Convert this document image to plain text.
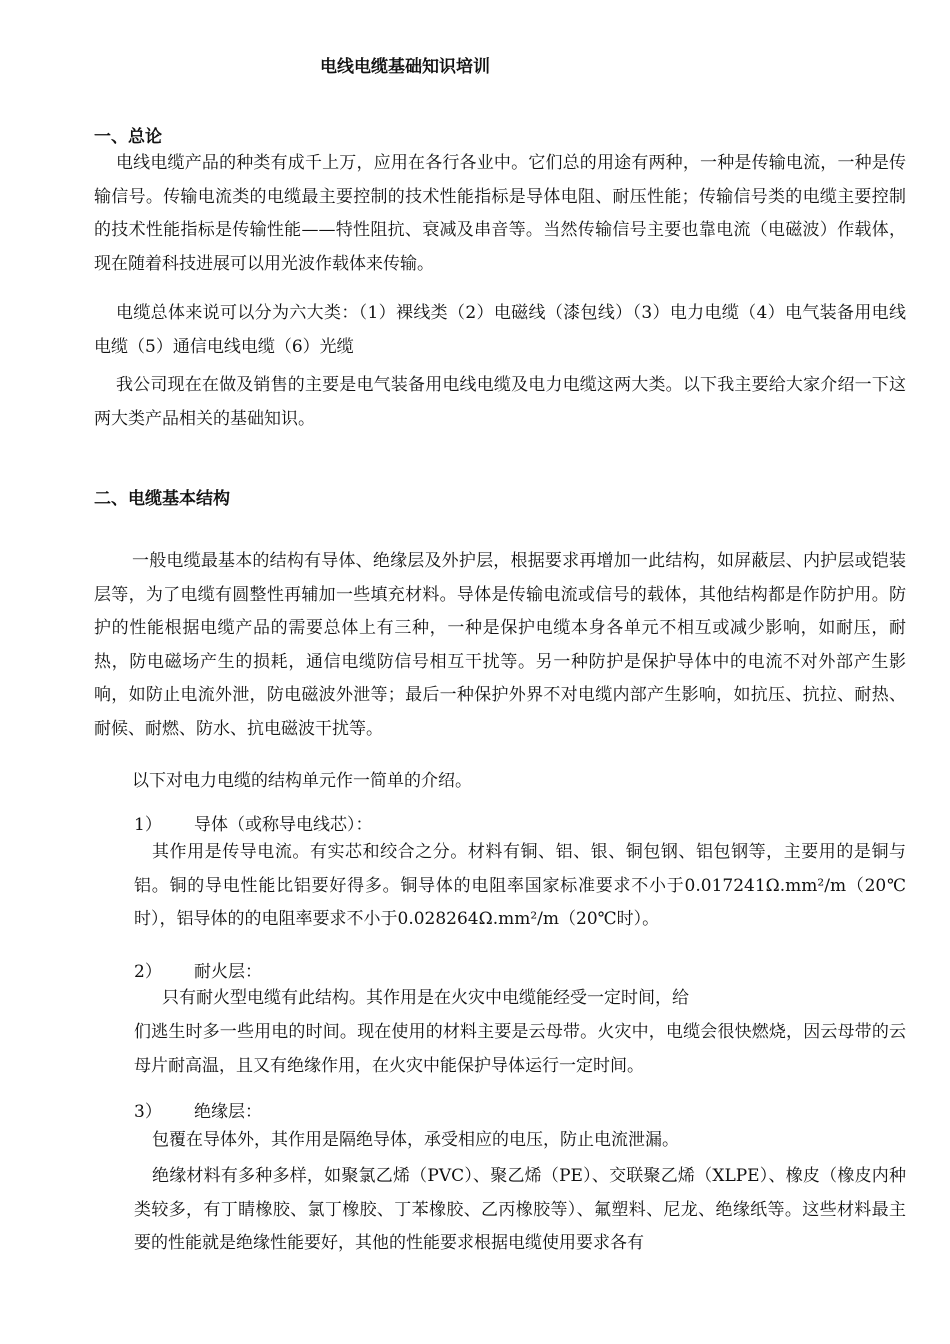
电线电缆基础知识培训
一、总论

电线电缆产品的种类有成千上万，应用在各行各业中。它们总的用途有两种，一种是传输电流，一种是传输信号。传输电流类的电缆最主要控制的技术性能指标是导体电阻、耐压性能；传输信号类的电缆主要控制的技术性能指标是传输性能——特性阻抗、衰减及串音等。当然传输信号主要也靠电流（电磁波）作载体，现在随着科技进展可以用光波作载体来传输。

电缆总体来说可以分为六大类：（1）裸线类（2）电磁线（漆包线）（3）电力电缆（4）电气装备用电线电缆（5）通信电线电缆（6）光缆

我公司现在在做及销售的主要是电气装备用电线电缆及电力电缆这两大类。以下我主要给大家介绍一下这两大类产品相关的基础知识。

二、电缆基本结构

一般电缆最基本的结构有导体、绝缘层及外护层，根据要求再增加一此结构，如屏蔽层、内护层或铠装层等，为了电缆有圆整性再辅加一些填充材料。导体是传输电流或信号的载体，其他结构都是作防护用。防护的性能根据电缆产品的需要总体上有三种，一种是保护电缆本身各单元不相互或减少影响，如耐压，耐热，防电磁场产生的损耗，通信电缆防信号相互干扰等。另一种防护是保护导体中的电流不对外部产生影响，如防止电流外泄，防电磁波外泄等；最后一种保护外界不对电缆内部产生影响，如抗压、抗拉、耐热、耐候、耐燃、防水、抗电磁波干扰等。

以下对电力电缆的结构单元作一简单的介绍。

1） 导体（或称导电线芯）：

其作用是传导电流。有实芯和绞合之分。材料有铜、铝、银、铜包钢、铝包钢等，主要用的是铜与铝。铜的导电性能比铝要好得多。铜导体的电阻率国家标准要求不小于0.017241Ω.mm²/m（20℃时），铝导体的的电阻率要求不小于0.028264Ω.mm²/m（20℃时）。

2） 耐火层：

只有耐火型电缆有此结构。其作用是在火灾中电缆能经受一定时间，给

们逃生时多一些用电的时间。现在使用的材料主要是云母带。火灾中，电缆会很快燃烧，因云母带的云母片耐高温，且又有绝缘作用，在火灾中能保护导体运行一定时间。

3） 绝缘层：

包覆在导体外，其作用是隔绝导体，承受相应的电压，防止电流泄漏。

绝缘材料有多种多样，如聚氯乙烯（PVC）、聚乙烯（PE）、交联聚乙烯（XLPE）、橡皮（橡皮内种类较多，有丁睛橡胶、氯丁橡胶、丁苯橡胶、乙丙橡胶等）、氟塑料、尼龙、绝缘纸等。这些材料最主要的性能就是绝缘性能要好，其他的性能要求根据电缆使用要求各有
